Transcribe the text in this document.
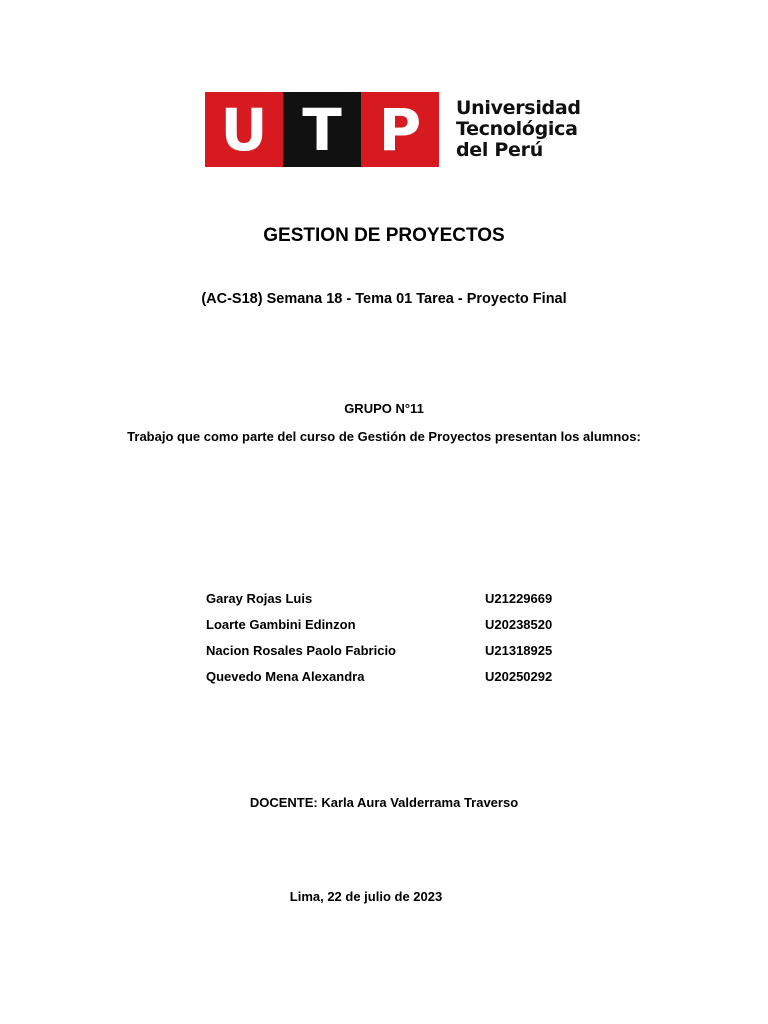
U T P	Universidad
Tecnológica
del Perú
GESTION DE PROYECTOS
(AC-S18) Semana 18 - Tema 01 Tarea - Proyecto Final
GRUPO N°11
Trabajo que como parte del curso de Gestión de Proyectos presentan los alumnos:
Garay Rojas Luis	U21229669
Loarte Gambini Edinzon	U20238520
Nacion Rosales Paolo Fabricio	U21318925
Quevedo Mena Alexandra	U20250292
DOCENTE: Karla Aura Valderrama Traverso
Lima, 22 de julio de 2023
